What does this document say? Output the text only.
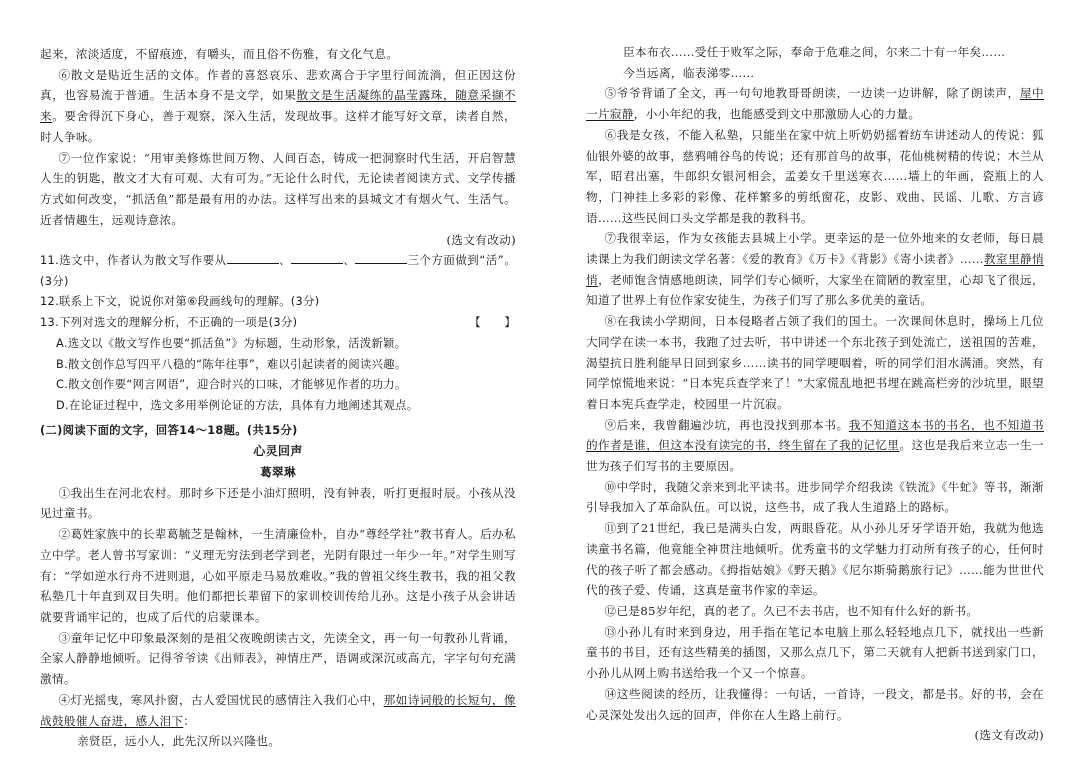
起来，浓淡适度，不留痕迹，有嚼头，而且俗不伤雅，有文化气息。

⑥散文是贴近生活的文体。作者的喜怒哀乐、悲欢离合于字里行间流淌，但正因这份真，也容易流于普通。生活本身不是文学，如果散文是生活凝练的晶莹露珠，随意采撷不来。要舍得沉下身心，善于观察，深入生活，发现故事。这样才能写好文章，读者自然，时人争咏。

⑦一位作家说：“用审美修炼世间万物、人间百态，铸成一把洞察时代生活，开启智慧人生的钥匙，散文才大有可观、大有可为。”无论什么时代，无论读者阅读方式、文学传播方式如何改变，“抓活鱼”都是最有用的办法。这样写出来的县城文才有烟火气、生活气。近者情趣生，远观诗意浓。

(选文有改动)

11.选文中，作者认为散文写作要从	、	、	三个方面做到“活”。(3分)

12.联系上下文，说说你对第⑥段画线句的理解。(3分)

13.下列对选文的理解分析，不正确的一项是(3分)	【　　】

A.选文以《散文写作也要“抓活鱼”》为标题，生动形象，活泼新颖。

B.散文创作总写四平八稳的“陈年往事”，难以引起读者的阅读兴趣。

C.散文创作要“网言网语”，迎合时兴的口味，才能够见作者的功力。

D.在论证过程中，选文多用举例论证的方法，具体有力地阐述其观点。

(二)阅读下面的文字，回答14～18题。(共15分)

心灵回声

葛翠琳

①我出生在河北农村。那时乡下还是小油灯照明，没有钟表，听打更报时辰。小孩从没见过童书。

②葛姓家族中的长辈葛毓芝是翰林，一生清廉俭朴，自办“尊经学社”教书育人。后办私立中学。老人曾书写家训：“义理无穷法到老学到老，光阴有限过一年少一年。”对学生则写有：“学如逆水行舟不进则退，心如平原走马易放难收。”我的曾祖父终生教书，我的祖父教私塾几十年直到双目失明。他们都把长辈留下的家训校训传给儿孙。这是小孩子从会讲话就要背诵牢记的，也成了后代的启蒙课本。

③童年记忆中印象最深刻的是祖父夜晚朗读古文，先读全文，再一句一句教孙儿背诵，全家人静静地倾听。记得爷爷读《出师表》，神情庄严，语调或深沉或高亢，字字句句充满激情。

④灯光摇曳，寒风扑窗，古人爱国忧民的感情注入我们心中，那如诗词般的长短句，像战鼓般催人奋进，感人泪下：

亲贤臣，远小人，此先汉所以兴隆也。

臣本布衣……受任于败军之际，奉命于危难之间，尔来二十有一年矣……

今当远离，临表涕零……

⑤爷爷背诵了全文，再一句句地教哥哥朗读，一边读一边讲解，除了朗读声，屋中一片寂静，小小年纪的我，也能感受到文中那激励人心的力量。

⑥我是女孩，不能入私塾，只能坐在家中炕上听奶奶摇着纺车讲述动人的传说：狐仙银外婆的故事，慈鸦哺谷鸟的传说；还有那首鸟的故事，花仙桃树精的传说；木兰从军，昭君出塞，牛郎织女银河相会，孟姜女千里送寒衣……墙上的年画，瓷瓶上的人物，门神挂上多彩的彩像、花样繁多的剪纸窗花，皮影、戏曲、民谣、儿歌、方言谚语……这些民间口头文学都是我的教科书。

⑦我很幸运，作为女孩能去县城上小学。更幸运的是一位外地来的女老师，每日晨读课上为我们朗读文学名著：《爱的教育》《万卡》《背影》《寄小读者》……教室里静悄悄，老师饱含情感地朗读，同学们专心倾听，大家坐在简陋的教室里，心却飞了很远，知道了世界上有位作家安徒生，为孩子们写了那么多优美的童话。

⑧在我读小学期间，日本侵略者占领了我们的国土。一次课间休息时，操场上几位大同学在读一本书，我跑了过去听，书中讲述一个东北孩子到处流亡，送祖国的苦难，渴望抗日胜利能早日回到家乡……读书的同学哽咽着，听的同学们泪水满涌。突然，有同学惊慌地来说：“日本宪兵查学来了！”大家慌乱地把书埋在跳高栏旁的沙坑里，眼望着日本宪兵查学走，校园里一片沉寂。

⑨后来，我曾翻遍沙坑，再也没找到那本书。我不知道这本书的书名，也不知道书的作者是谁，但这本没有读完的书，终生留在了我的记忆里。这也是我后来立志一生一世为孩子们写书的主要原因。

⑩中学时，我随父亲来到北平读书。进步同学介绍我读《铁流》《牛虻》等书，渐渐引导我加入了革命队伍。可以说，这些书，成了我人生道路上的路标。

⑪到了21世纪，我已是满头白发，两眼昏花。从小孙儿牙牙学语开始，我就为他选读童书名篇，他竟能全神贯注地倾听。优秀童书的文学魅力打动所有孩子的心，任何时代的孩子听了都会感动。《拇指姑娘》《野天鹅》《尼尔斯骑鹅旅行记》……能为世世代代的孩子爱、传诵，这真是童书作家的幸运。

⑫已是85岁年纪，真的老了。久已不去书店，也不知有什么好的新书。

⑬小孙儿有时来到身边，用手指在笔记本电脑上那么轻轻地点几下，就找出一些新童书的书目，还有这些精美的插图，又那么点几下，第二天就有人把新书送到家门口，小孙儿从网上购书送给我一个又一个惊喜。

⑭这些阅读的经历，让我懂得：一句话，一首诗，一段文，都是书。好的书，会在心灵深处发出久远的回声，伴你在人生路上前行。

(选文有改动)
